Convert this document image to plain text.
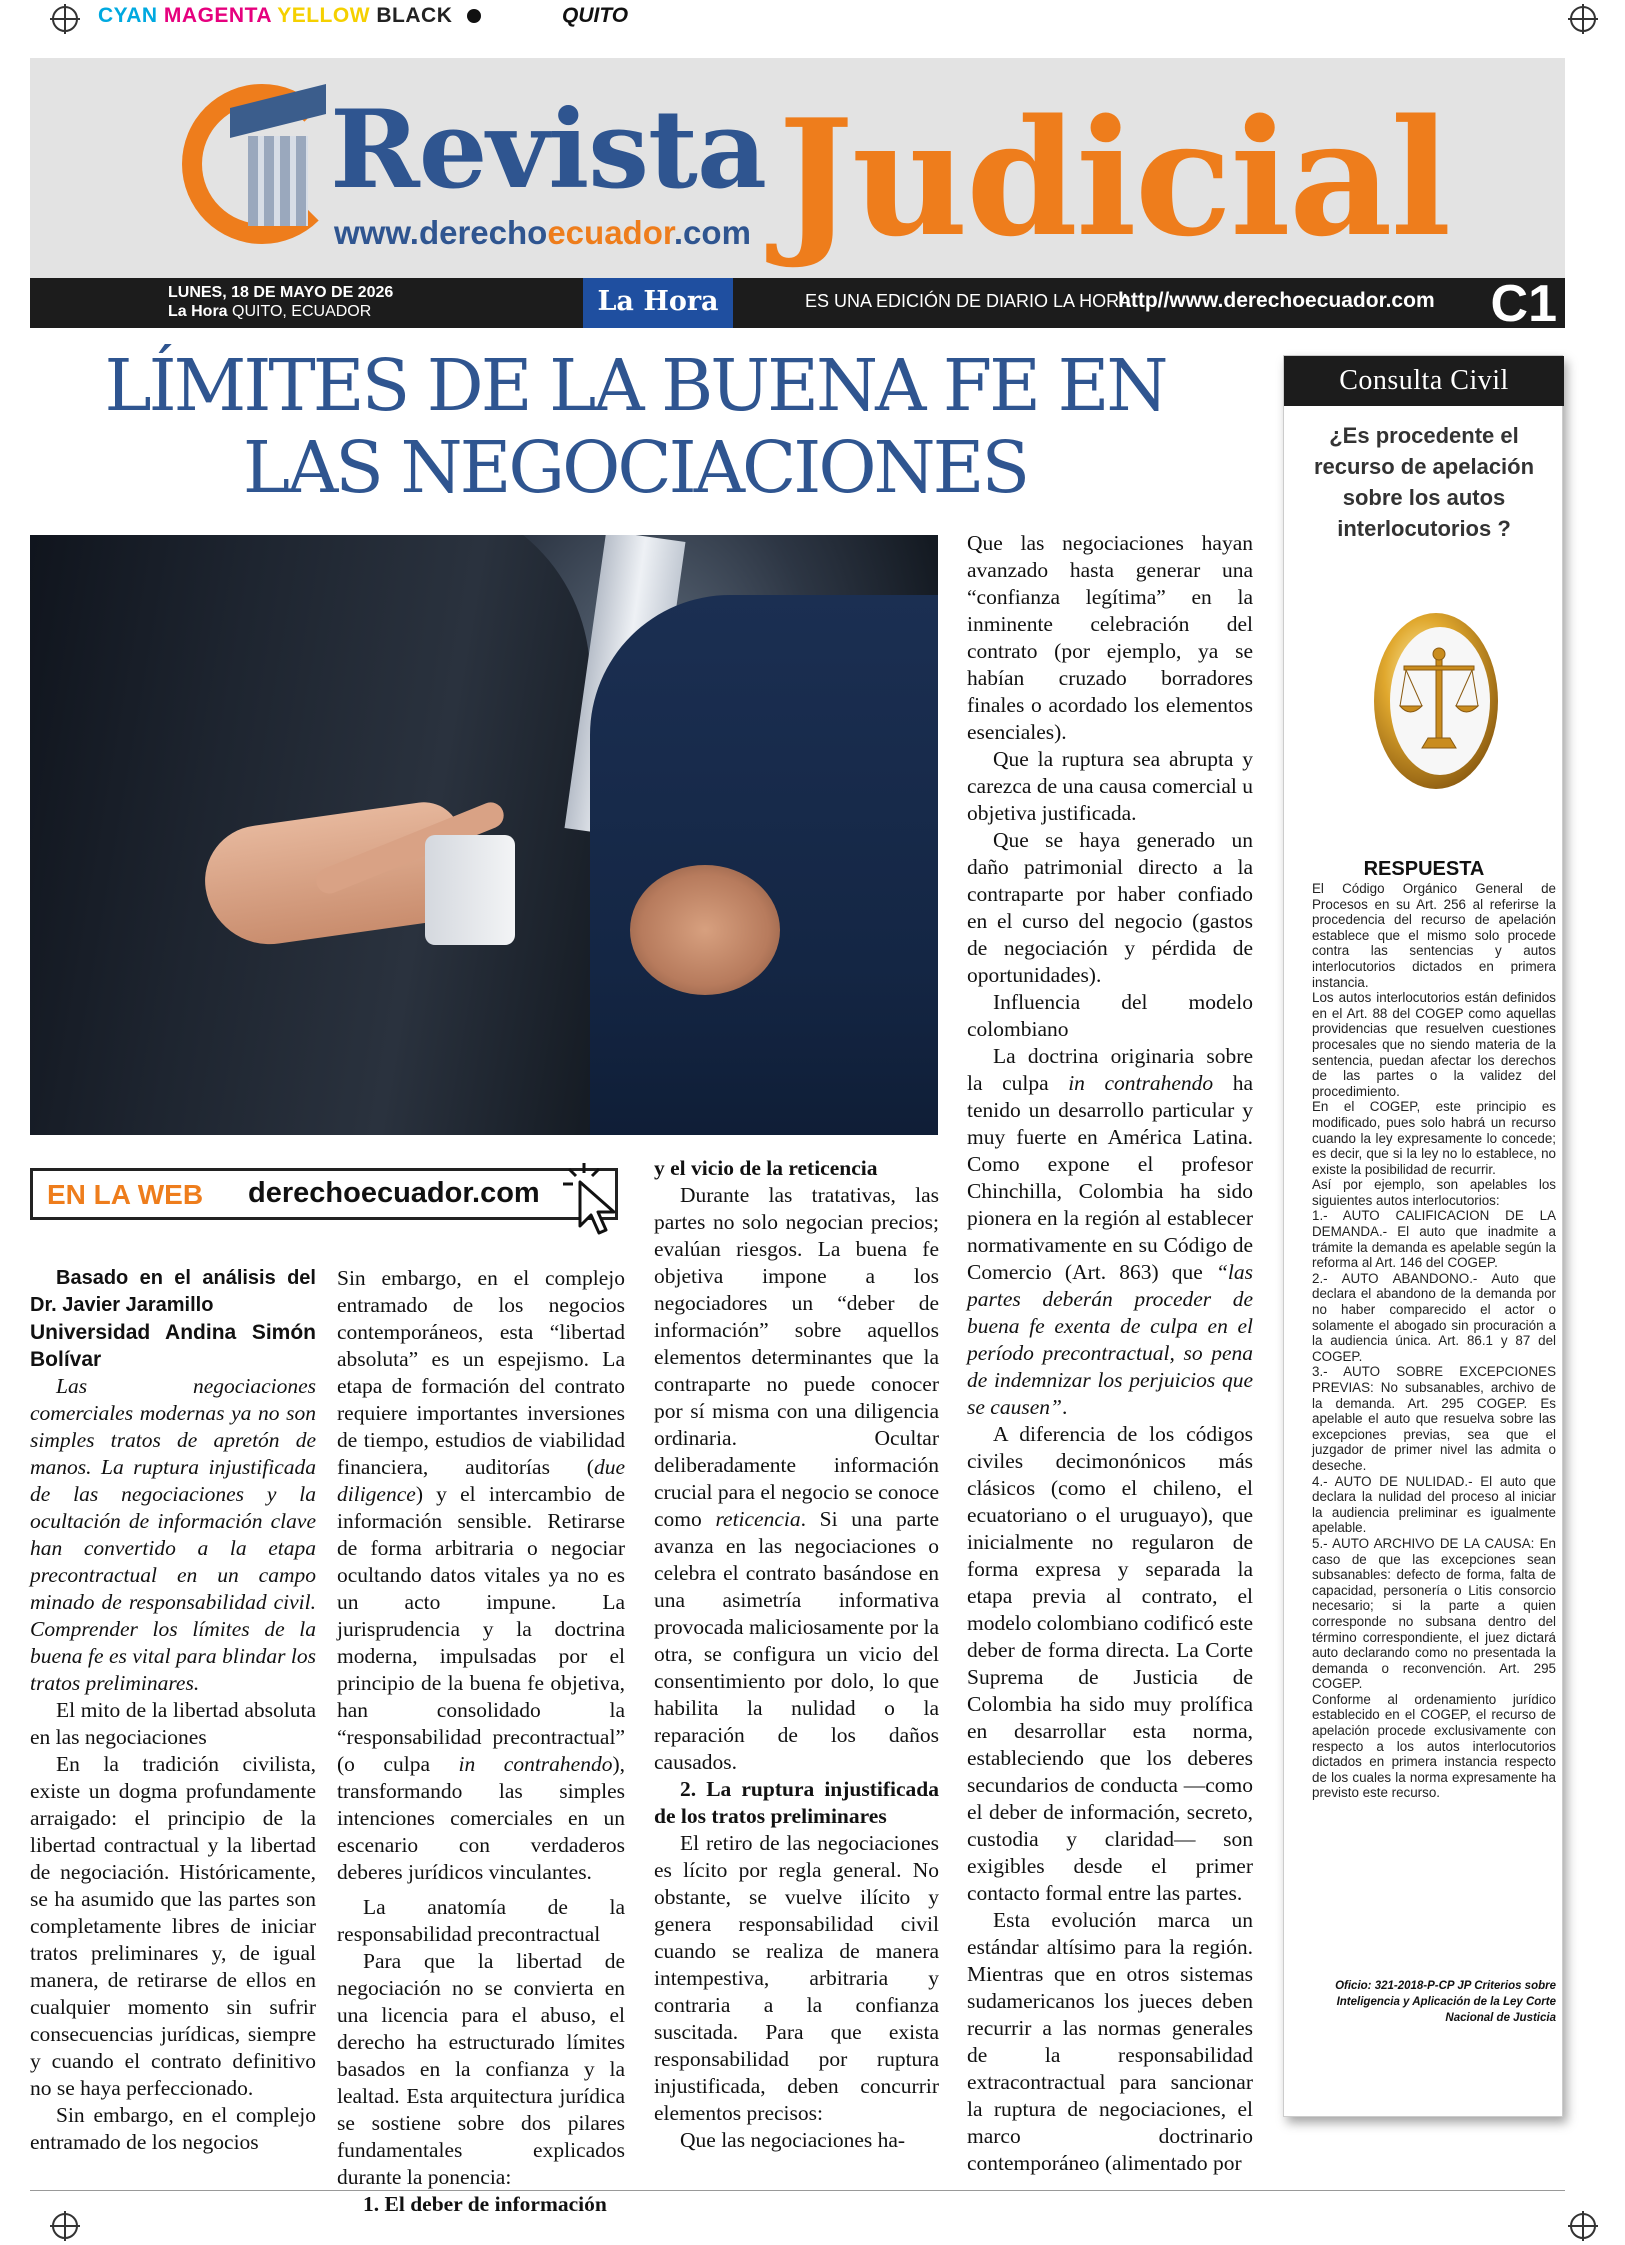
CYAN MAGENTA YELLOW BLACK	QUITO
Revista
www.derechoecuador.com Judicial
LUNES, 18 DE MAYO DE 2026
La Hora QUITO, ECUADOR	La Hora	ES UNA EDICIÓN DE DIARIO LA HORA
http//www.derechoecuador.com C1
LÍMITES DE LA BUENA FE EN
LAS NEGOCIACIONES
EN LA WEB derechoecuador.com

Basado en el análisis del Dr. Javier Jaramillo

Universidad Andina Simón Bolívar

Las negociaciones comerciales modernas ya no son simples tratos de apretón de manos. La ruptura injustificada de las negociaciones y la ocultación de información clave han convertido a la etapa precontractual en un campo minado de responsabilidad civil. Comprender los límites de la buena fe es vital para blindar los tratos preliminares.

El mito de la libertad absoluta en las negociaciones

En la tradición civilista, existe un dogma profundamente arraigado: el principio de la libertad contractual y la libertad de negociación. Históricamente, se ha asumido que las partes son completamente libres de iniciar tratos preliminares y, de igual manera, de retirarse de ellos en cualquier momento sin sufrir consecuencias jurídicas, siempre y cuando el contrato definitivo no se haya perfeccionado.

Sin embargo, en el complejo entramado de los negocios

Sin embargo, en el complejo entramado de los negocios contemporáneos, esta “libertad absoluta” es un espejismo. La etapa de formación del contrato requiere importantes inversiones de tiempo, estudios de viabilidad financiera, auditorías (due diligence) y el intercambio de información sensible. Retirarse de forma arbitraria o negociar ocultando datos vitales ya no es un acto impune. La jurisprudencia y la doctrina moderna, impulsadas por el principio de la buena fe objetiva, han consolidado la “responsabilidad precontractual” (o culpa in contrahendo), transformando las simples intenciones comerciales en un escenario con verdaderos deberes jurídicos vinculantes.

La anatomía de la responsabilidad precontractual

Para que la libertad de negociación no se convierta en una licencia para el abuso, el derecho ha estructurado límites basados en la confianza y la lealtad. Esta arquitectura jurídica se sostiene sobre dos pilares fundamentales explicados durante la ponencia:

1. El deber de información

y el vicio de la reticencia

Durante las tratativas, las partes no solo negocian precios; evalúan riesgos. La buena fe objetiva impone a los negociadores un “deber de información” sobre aquellos elementos determinantes que la contraparte no puede conocer por sí misma con una diligencia ordinaria. Ocultar deliberadamente información crucial para el negocio se conoce como reticencia. Si una parte avanza en las negociaciones o celebra el contrato basándose en una asimetría informativa provocada maliciosamente por la otra, se configura un vicio del consentimiento por dolo, lo que habilita la nulidad o la reparación de los daños causados.

2. La ruptura injustificada de los tratos preliminares

El retiro de las negociaciones es lícito por regla general. No obstante, se vuelve ilícito y genera responsabilidad civil cuando se realiza de manera intempestiva, arbitraria y contraria a la confianza suscitada. Para que exista responsabilidad por ruptura injustificada, deben concurrir elementos precisos:

Que las negociaciones ha-

Que las negociaciones hayan avanzado hasta generar una “confianza legítima” en la inminente celebración del contrato (por ejemplo, ya se habían cruzado borradores finales o acordado los elementos esenciales).

Que la ruptura sea abrupta y carezca de una causa comercial u objetiva justificada.

Que se haya generado un daño patrimonial directo a la contraparte por haber confiado en el curso del negocio (gastos de negociación y pérdida de oportunidades).

Influencia del modelo colombiano

La doctrina originaria sobre la culpa in contrahendo ha tenido un desarrollo particular y muy fuerte en América Latina. Como expone el profesor Chinchilla, Colombia ha sido pionera en la región al establecer normativamente en su Código de Comercio (Art. 863) que “las partes deberán proceder de buena fe exenta de culpa en el período precontractual, so pena de indemnizar los perjuicios que se causen”.

A diferencia de los códigos civiles decimonónicos más clásicos (como el chileno, el ecuatoriano o el uruguayo), que inicialmente no regularon de forma expresa y separada la etapa previa al contrato, el modelo colombiano codificó este deber de forma directa. La Corte Suprema de Justicia de Colombia ha sido muy prolífica en desarrollar esta norma, estableciendo que los deberes secundarios de conducta —como el deber de información, secreto, custodia y claridad— son exigibles desde el primer contacto formal entre las partes.

Esta evolución marca un estándar altísimo para la región. Mientras que en otros sistemas sudamericanos los jueces deben recurrir a las normas generales de la responsabilidad extracontractual para sancionar la ruptura de negociaciones, el marco doctrinario contemporáneo (alimentado por

Consulta Civil
¿Es procedente el recurso de apelación sobre los autos interlocutorios ?
RESPUESTA

El Código Orgánico General de Procesos en su Art. 256 al referirse la procedencia del recurso de apelación establece que el mismo solo procede contra las sentencias y autos interlocutorios dictados en primera instancia.

Los autos interlocutorios están definidos en el Art. 88 del COGEP como aquellas providencias que resuelven cuestiones procesales que no siendo materia de la sentencia, puedan afectar los derechos de las partes o la validez del procedimiento.

En el COGEP, este principio es modificado, pues solo habrá un recurso cuando la ley expresamente lo concede; es decir, que si la ley no lo establece, no existe la posibilidad de recurrir.

Así por ejemplo, son apelables los siguientes autos interlocutorios:

1.- AUTO CALIFICACION DE LA DEMANDA.- El auto que inadmite a trámite la demanda es apelable según la reforma al Art. 146 del COGEP.

2.- AUTO ABANDONO.- Auto que declara el abandono de la demanda por no haber comparecido el actor o solamente el abogado sin procuración a la audiencia única. Art. 86.1 y 87 del COGEP.

3.- AUTO SOBRE EXCEPCIONES PREVIAS: No subsanables, archivo de la demanda. Art. 295 COGEP. Es apelable el auto que resuelva sobre las excepciones previas, sea que el juzgador de primer nivel las admita o deseche.

4.- AUTO DE NULIDAD.- El auto que declara la nulidad del proceso al iniciar la audiencia preliminar es igualmente apelable.

5.- AUTO ARCHIVO DE LA CAUSA: En caso de que las excepciones sean subsanables: defecto de forma, falta de capacidad, personería o Litis consorcio necesario; si la parte a quien corresponde no subsana dentro del término correspondiente, el juez dictará auto declarando como no presentada la demanda o reconvención. Art. 295 COGEP.

Conforme al ordenamiento jurídico establecido en el COGEP, el recurso de apelación procede exclusivamente con respecto a los autos interlocutorios dictados en primera instancia respecto de los cuales la norma expresamente ha previsto este recurso.

Oficio: 321-2018-P-CP JP Criterios sobre Inteligencia y Aplicación de la Ley Corte Nacional de Justicia
